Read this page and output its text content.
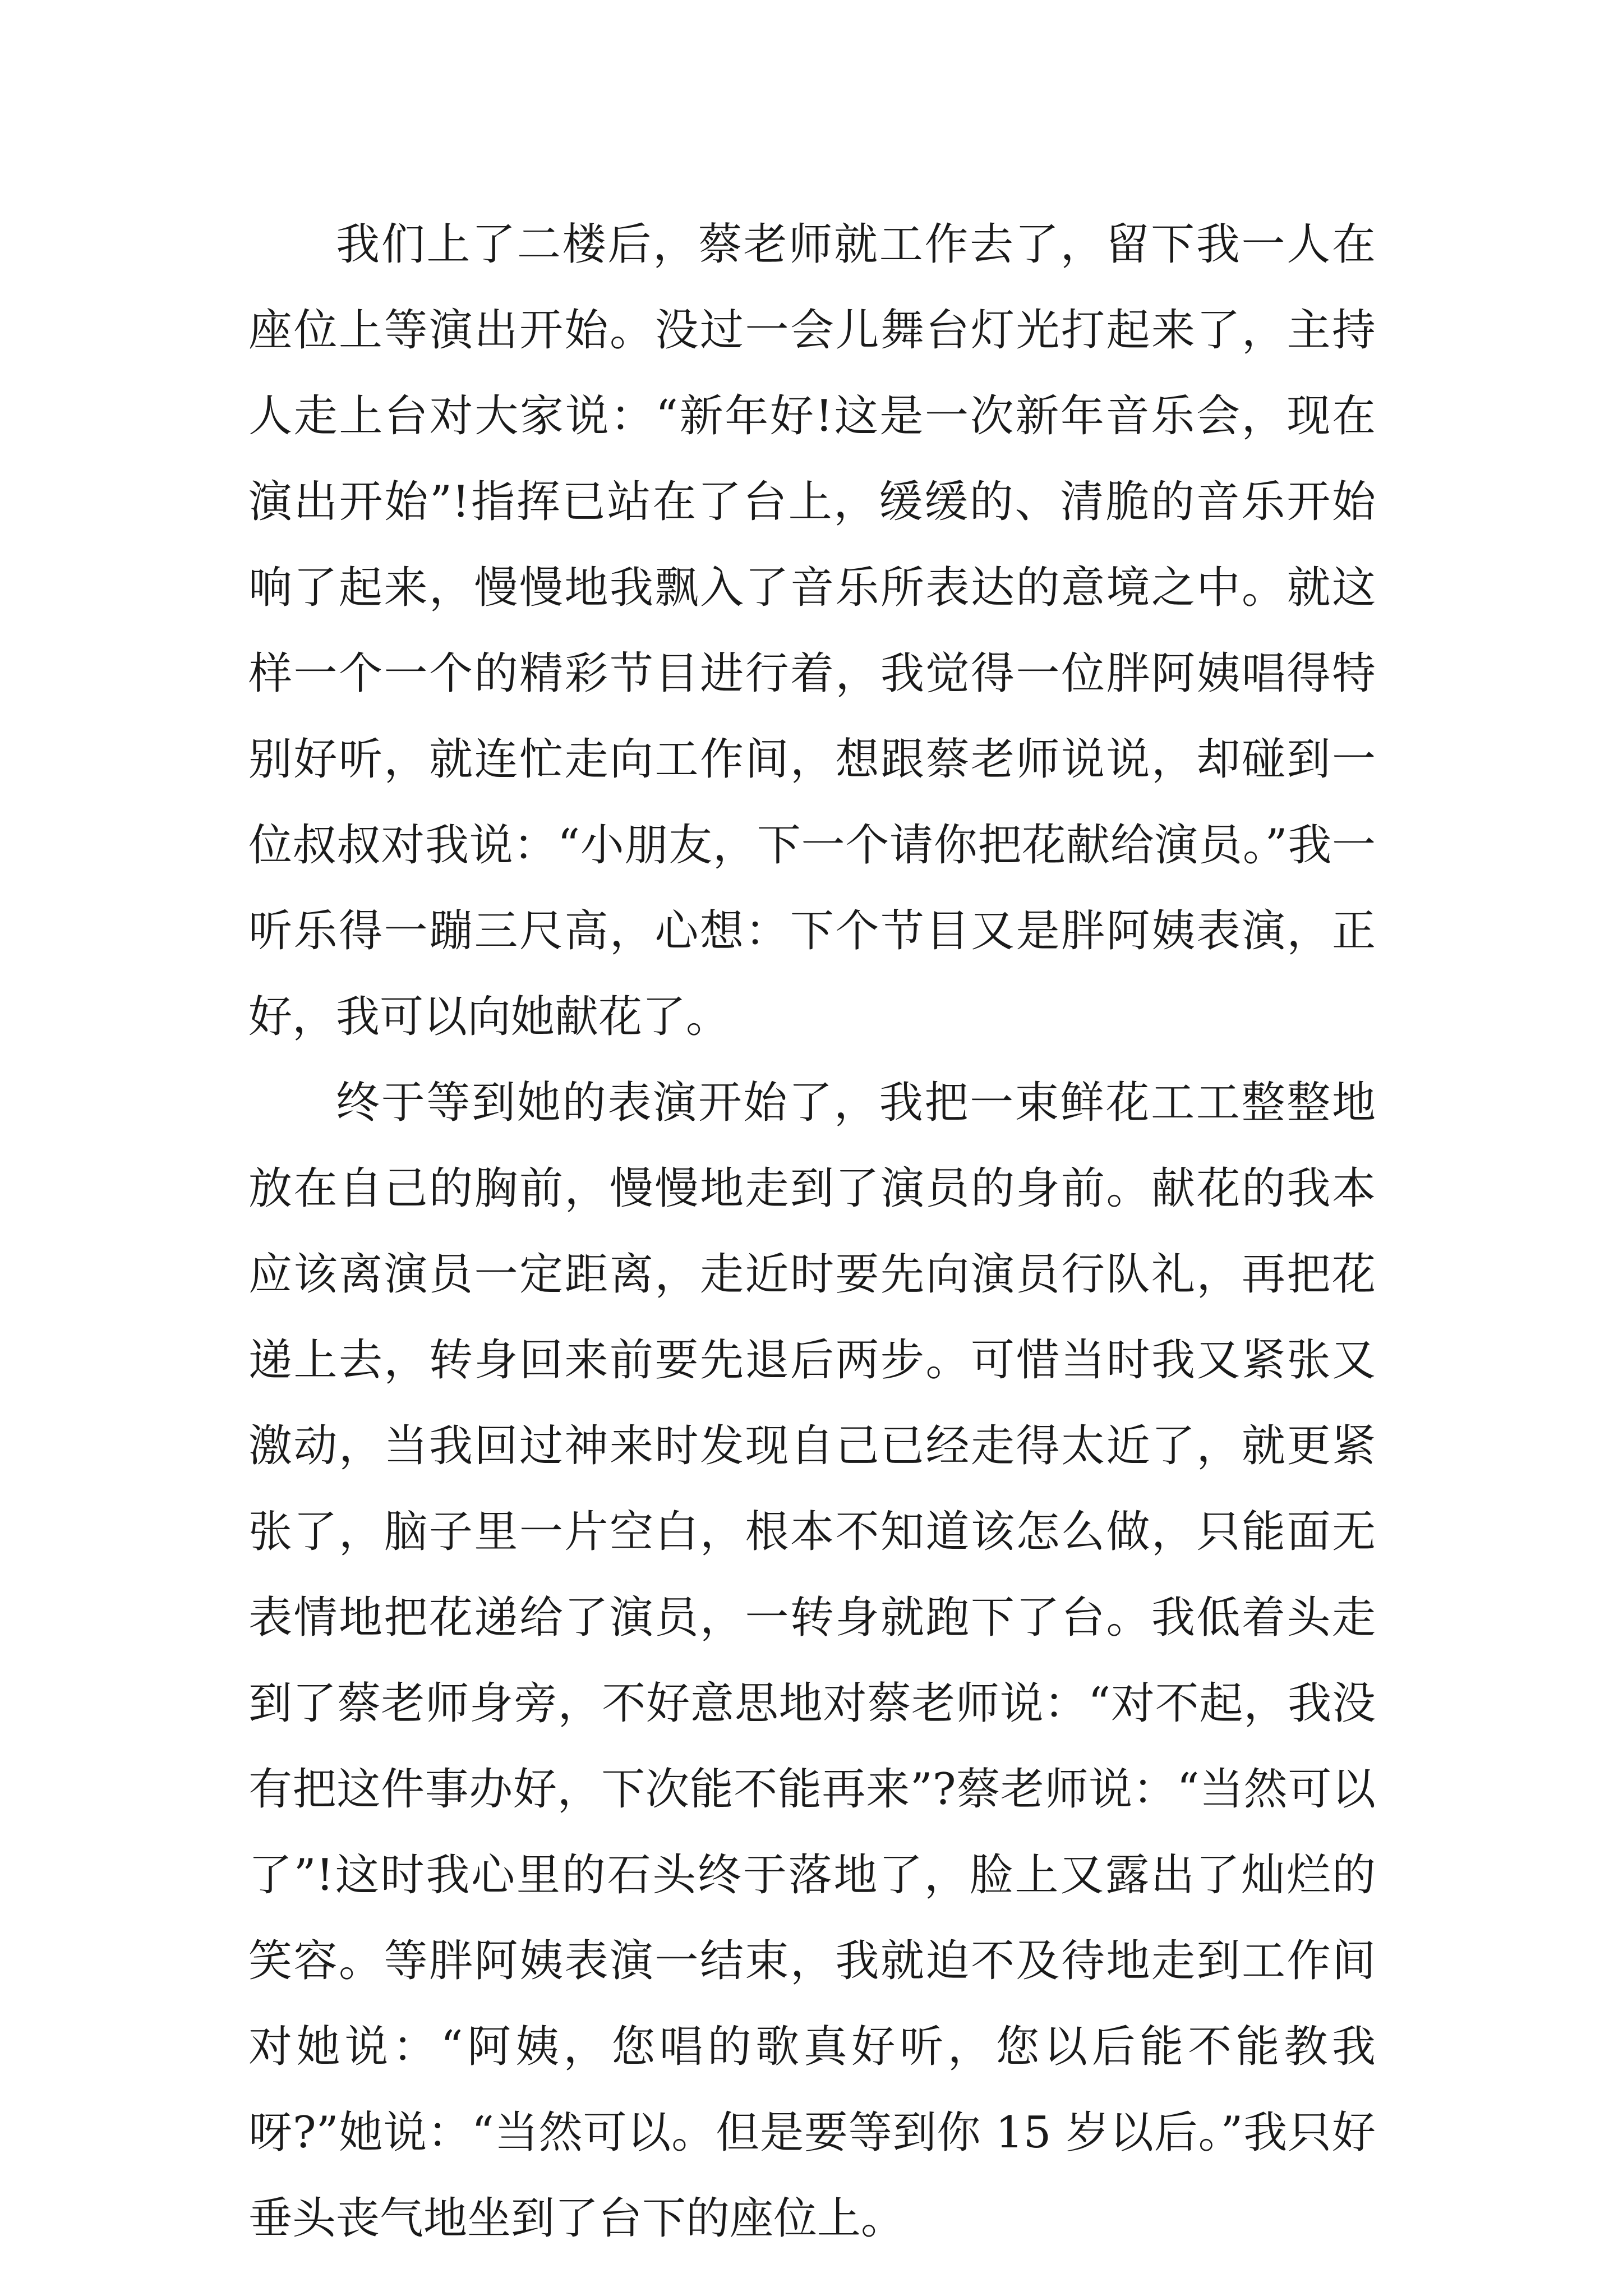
我们上了二楼后，蔡老师就工作去了，留下我一人在座位上等演出开始。没过一会儿舞台灯光打起来了，主持人走上台对大家说：“新年好!这是一次新年音乐会，现在演出开始”!指挥已站在了台上，缓缓的、清脆的音乐开始响了起来，慢慢地我飘入了音乐所表达的意境之中。就这样一个一个的精彩节目进行着，我觉得一位胖阿姨唱得特别好听，就连忙走向工作间，想跟蔡老师说说，却碰到一位叔叔对我说：“小朋友，下一个请你把花献给演员。”我一听乐得一蹦三尺高，心想：下个节目又是胖阿姨表演，正好，我可以向她献花了。

终于等到她的表演开始了，我把一束鲜花工工整整地放在自己的胸前，慢慢地走到了演员的身前。献花的我本应该离演员一定距离，走近时要先向演员行队礼，再把花递上去，转身回来前要先退后两步。可惜当时我又紧张又激动，当我回过神来时发现自己已经走得太近了，就更紧张了，脑子里一片空白，根本不知道该怎么做，只能面无表情地把花递给了演员，一转身就跑下了台。我低着头走到了蔡老师身旁，不好意思地对蔡老师说：“对不起，我没有把这件事办好，下次能不能再来”?蔡老师说：“当然可以了”!这时我心里的石头终于落地了，脸上又露出了灿烂的笑容。等胖阿姨表演一结束，我就迫不及待地走到工作间对她说：“阿姨，您唱的歌真好听，您以后能不能教我呀?”她说：“当然可以。但是要等到你 15 岁以后。”我只好垂头丧气地坐到了台下的座位上。
